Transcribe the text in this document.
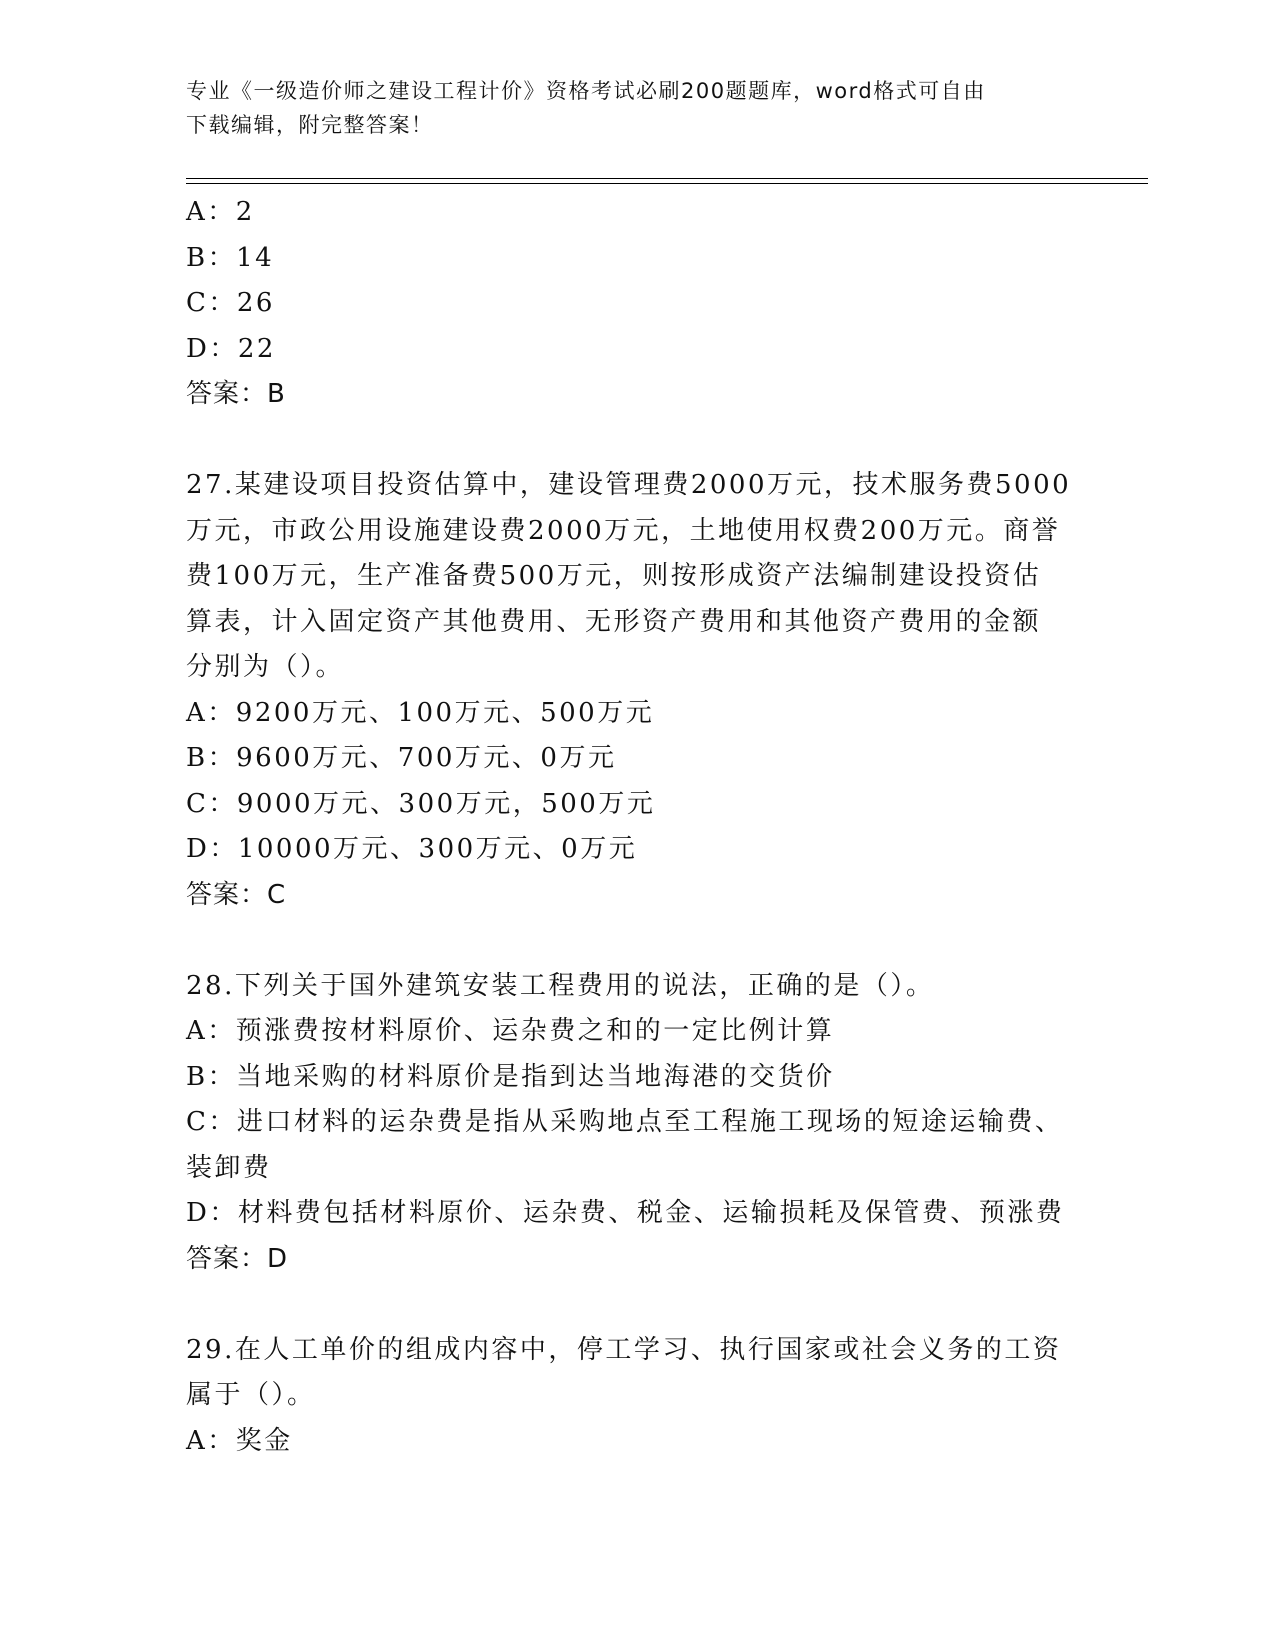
专业《一级造价师之建设工程计价》资格考试必刷200题题库，word格式可自由
下载编辑，附完整答案！

A：2

B：14

C：26

D：22

答案：B

27.某建设项目投资估算中，建设管理费2000万元，技术服务费5000

万元，市政公用设施建设费2000万元，土地使用权费200万元。商誉

费100万元，生产准备费500万元，则按形成资产法编制建设投资估

算表，计入固定资产其他费用、无形资产费用和其他资产费用的金额

分别为（）。

A：9200万元、100万元、500万元

B：9600万元、700万元、0万元

C：9000万元、300万元，500万元

D：10000万元、300万元、0万元

答案：C

28.下列关于国外建筑安装工程费用的说法，正确的是（）。

A：预涨费按材料原价、运杂费之和的一定比例计算

B：当地采购的材料原价是指到达当地海港的交货价

C：进口材料的运杂费是指从采购地点至工程施工现场的短途运输费、

装卸费

D：材料费包括材料原价、运杂费、税金、运输损耗及保管费、预涨费

答案：D

29.在人工单价的组成内容中，停工学习、执行国家或社会义务的工资

属于（）。

A：奖金
